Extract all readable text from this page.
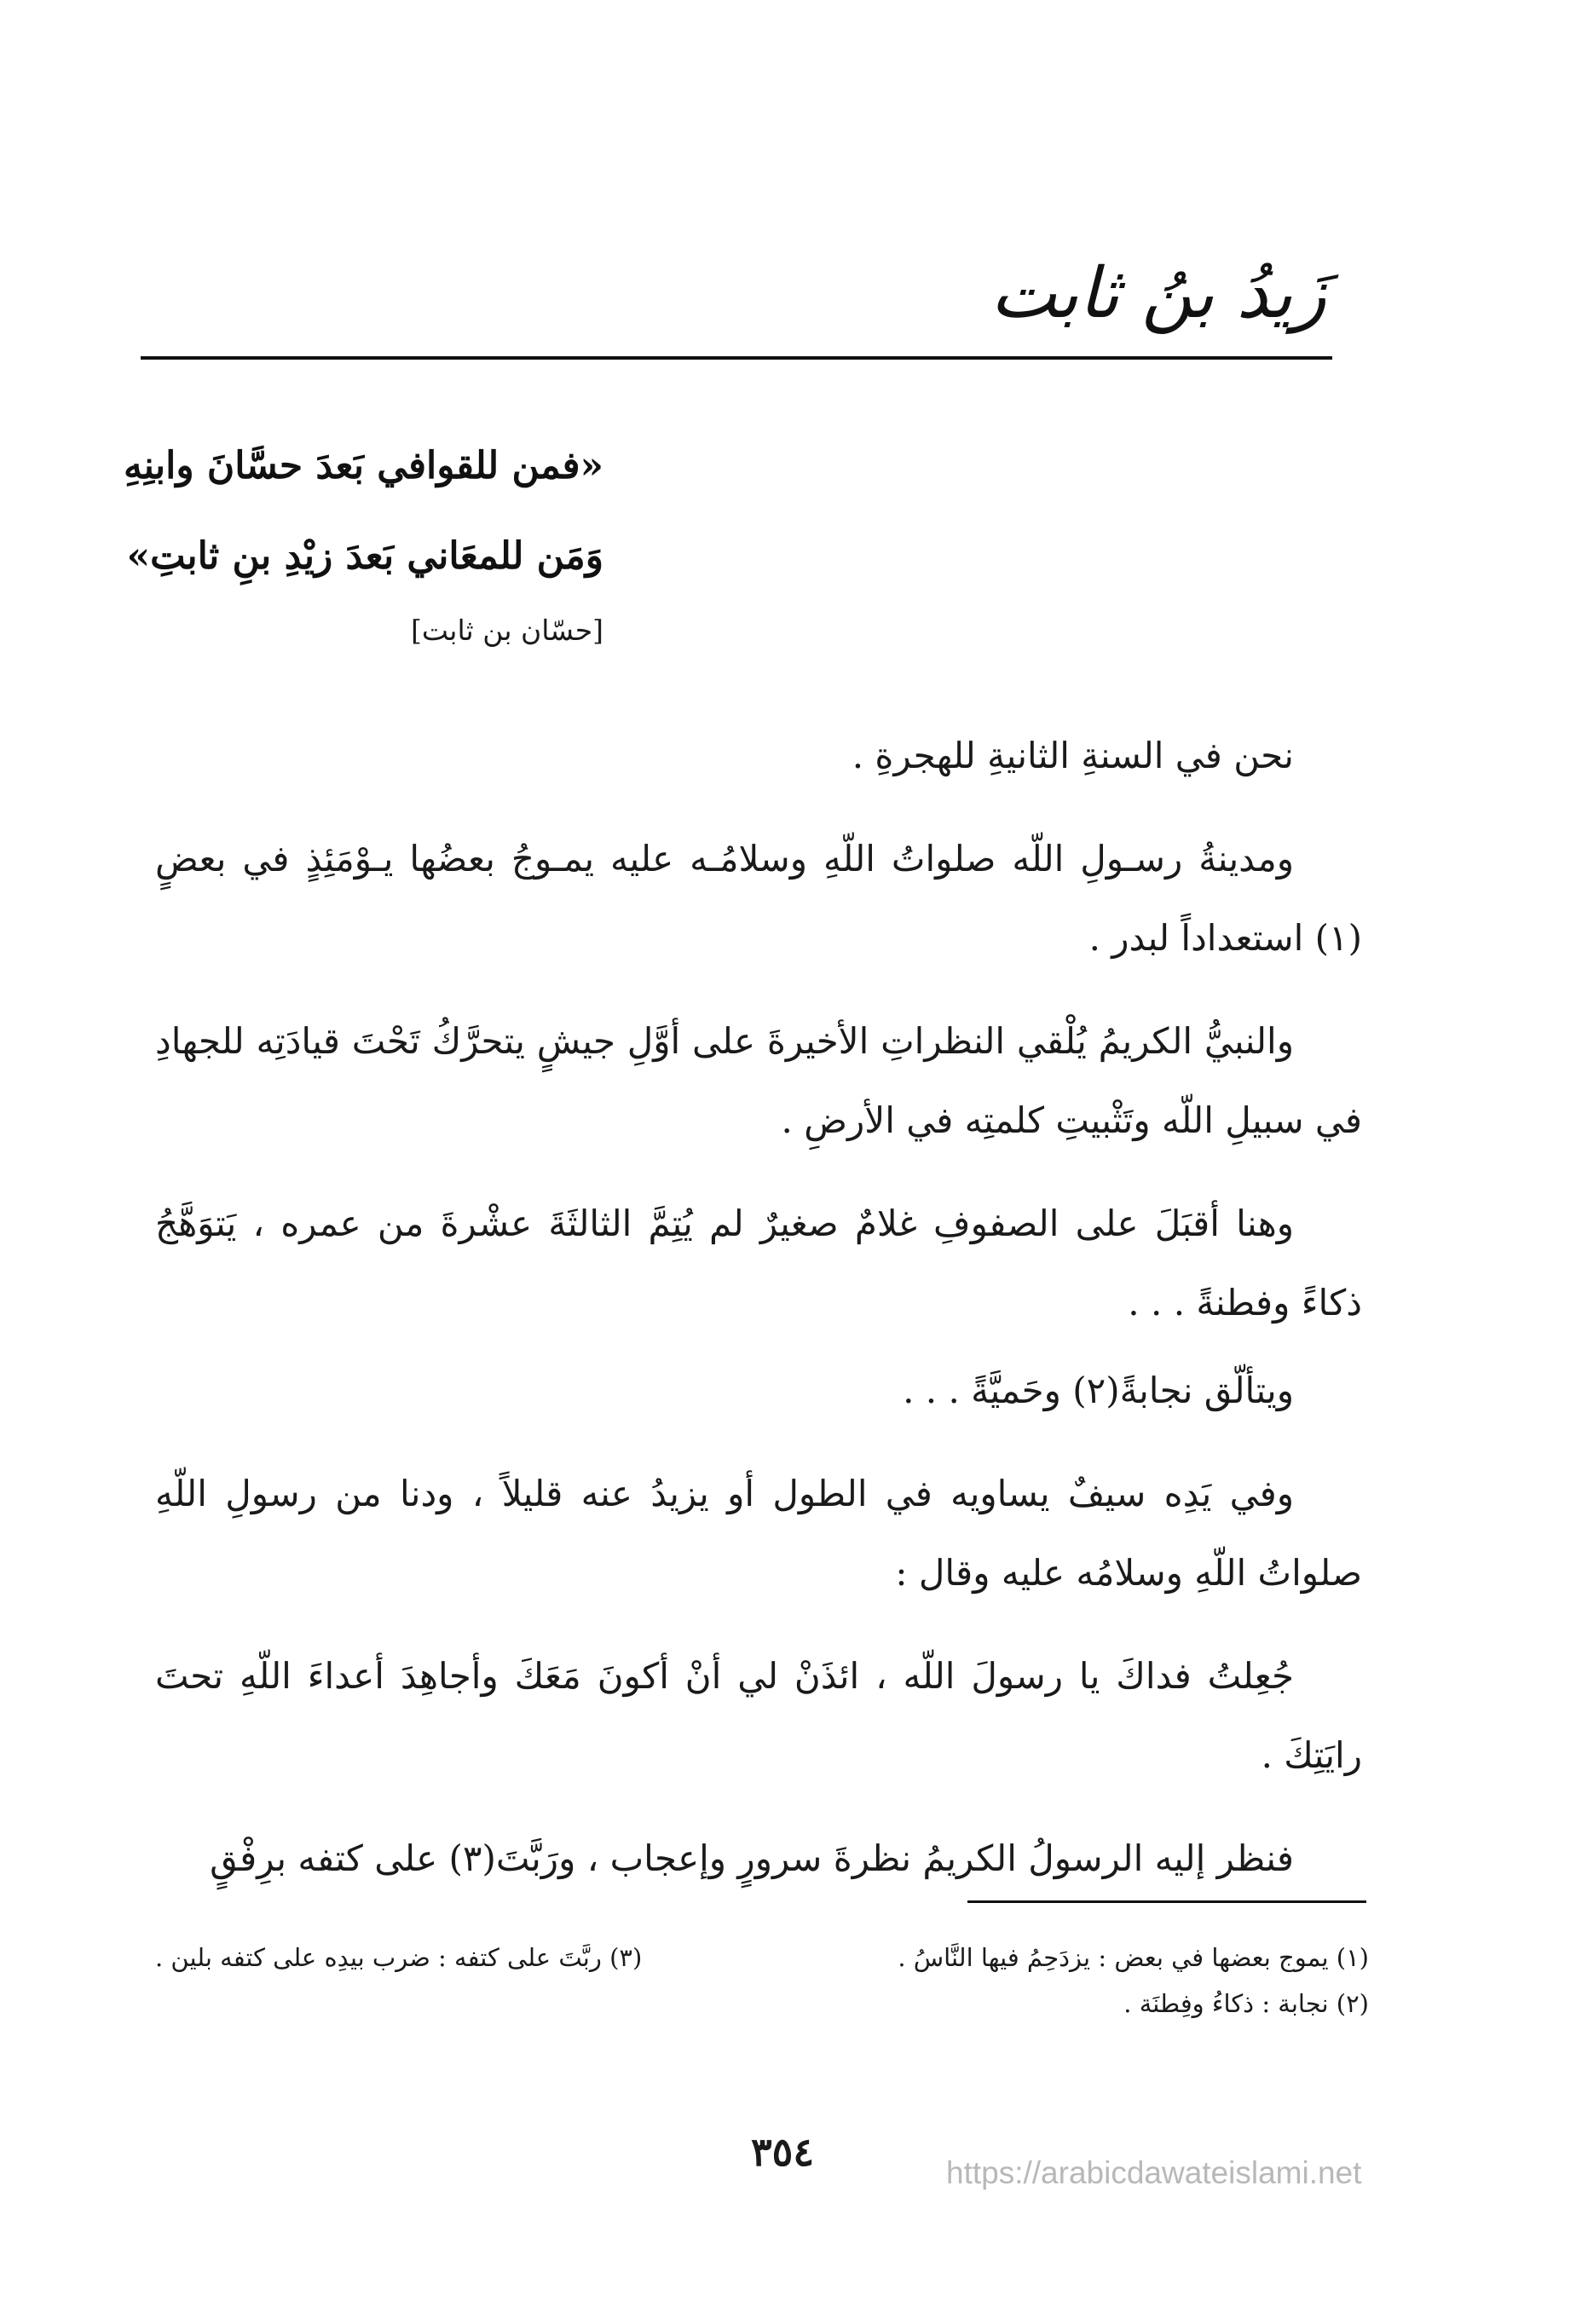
زَيدُ بنُ ثابت
«فمن للقوافي بَعدَ حسَّانَ وابنِهِ
وَمَن للمعَاني بَعدَ زيْدِ بنِ ثابتِ»
[حسّان بن ثابت]

نحن في السنةِ الثانيةِ للهجرةِ .

ومدينةُ رسـولِ اللّه صلواتُ اللّهِ وسلامُـه عليه يمـوجُ بعضُها يـوْمَئِذٍ في بعضٍ (١) استعداداً لبدر .

والنبيُّ الكريمُ يُلْقي النظراتِ الأخيرةَ على أوَّلِ جيشٍ يتحرَّكُ تَحْتَ قيادَتِه للجهادِ في سبيلِ اللّه وتَثْبيتِ كلمتِه في الأرضِ .

وهنا أقبَلَ على الصفوفِ غلامٌ صغيرٌ لم يُتِمَّ الثالثَةَ عشْرةَ من عمره ، يَتوَهَّجُ ذكاءً وفطنةً . . .

ويتألّق نجابةً(٢) وحَميَّةً . . .

وفي يَدِه سيفٌ يساويه في الطول أو يزيدُ عنه قليلاً ، ودنا من رسولِ اللّهِ صلواتُ اللّهِ وسلامُه عليه وقال :

جُعِلتُ فداكَ يا رسولَ اللّه ، ائذَنْ لي أنْ أكونَ مَعَكَ وأجاهِدَ أعداءَ اللّهِ تحتَ رايَتِكَ .

فنظر إليه الرسولُ الكريمُ نظرةَ سرورٍ وإعجاب ، ورَبَّتَ(٣) على كتفه برِفْقٍ

(١) يموج بعضها في بعض : يزدَحِمُ فيها النَّاسُ .
(٣) ربَّتَ على كتفه : ضرب بيدِه على كتفه بلين .
(٢) نجابة : ذكاءُ وفِطنَة .
٣٥٤	https://arabicdawateislami.net
